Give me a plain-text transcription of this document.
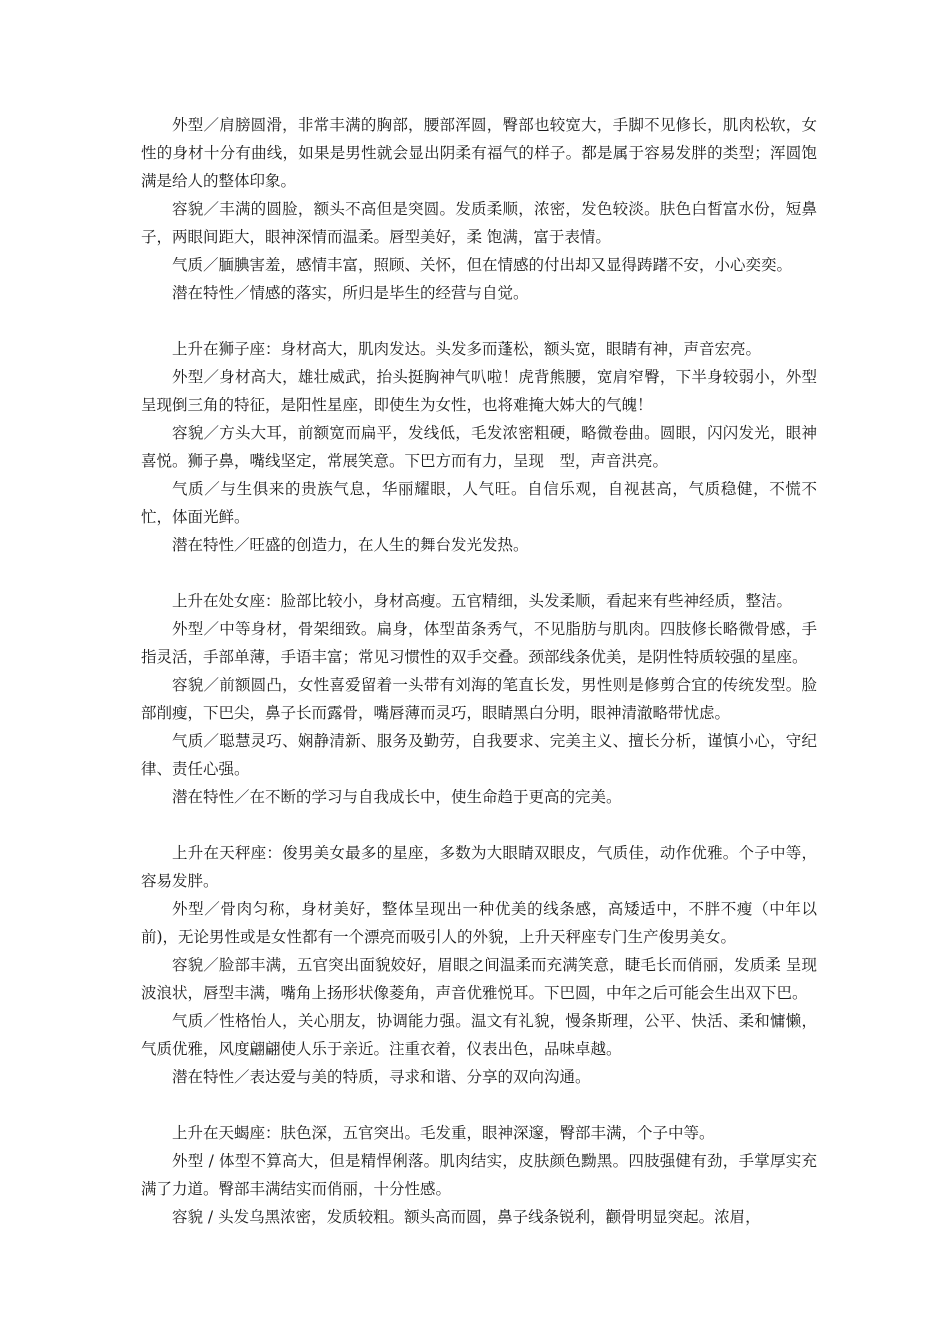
外型／肩膀圆滑，非常丰满的胸部，腰部浑圆，臀部也较宽大，手脚不见修长，肌肉松软，女性的身材十分有曲线，如果是男性就会显出阴柔有福气的样子。都是属于容易发胖的类型；浑圆饱满是给人的整体印象。

容貌／丰满的圆脸，额头不高但是突圆。发质柔顺，浓密，发色较淡。肤色白皙富水份，短鼻子，两眼间距大，眼神深情而温柔。唇型美好，柔 饱满，富于表情。

气质／腼腆害羞，感情丰富，照顾、关怀，但在情感的付出却又显得踌躇不安，小心奕奕。

潜在特性／情感的落实，所归是毕生的经营与自觉。

上升在狮子座：身材高大，肌肉发达。头发多而蓬松，额头宽，眼睛有神，声音宏亮。

外型／身材高大，雄壮威武，抬头挺胸神气叭啦！虎背熊腰，宽肩窄臀，下半身较弱小，外型呈现倒三角的特征，是阳性星座，即使生为女性，也将难掩大姊大的气魄！

容貌／方头大耳，前额宽而扁平，发线低，毛发浓密粗硬，略微卷曲。圆眼，闪闪发光，眼神喜悦。狮子鼻，嘴线坚定，常展笑意。下巴方而有力，呈现　型，声音洪亮。

气质／与生俱来的贵族气息，华丽耀眼，人气旺。自信乐观，自视甚高，气质稳健，不慌不忙，体面光鲜。

潜在特性／旺盛的创造力，在人生的舞台发光发热。

上升在处女座：脸部比较小，身材高瘦。五官精细，头发柔顺，看起来有些神经质，整洁。

外型／中等身材，骨架细致。扁身，体型苗条秀气，不见脂肪与肌肉。四肢修长略微骨感，手指灵活，手部单薄，手语丰富；常见习惯性的双手交叠。颈部线条优美，是阴性特质较强的星座。

容貌／前额圆凸，女性喜爱留着一头带有刘海的笔直长发，男性则是修剪合宜的传统发型。脸部削瘦，下巴尖，鼻子长而露骨，嘴唇薄而灵巧，眼睛黑白分明，眼神清澈略带忧虑。

气质／聪慧灵巧、娴静清新、服务及勤劳，自我要求、完美主义、擅长分析，谨慎小心，守纪律、责任心强。

潜在特性／在不断的学习与自我成长中，使生命趋于更高的完美。

上升在天秤座：俊男美女最多的星座，多数为大眼睛双眼皮，气质佳，动作优雅。个子中等，容易发胖。

外型／骨肉匀称，身材美好，整体呈现出一种优美的线条感，高矮适中，不胖不瘦（中年以前)，无论男性或是女性都有一个漂亮而吸引人的外貌，上升天秤座专门生产俊男美女。

容貌／脸部丰满，五官突出面貌姣好，眉眼之间温柔而充满笑意，睫毛长而俏丽，发质柔 呈现波浪状，唇型丰满，嘴角上扬形状像菱角，声音优雅悦耳。下巴圆，中年之后可能会生出双下巴。

气质／性格怡人，关心朋友，协调能力强。温文有礼貌，慢条斯理，公平、快活、柔和慵懒，气质优雅，风度翩翩使人乐于亲近。注重衣着，仪表出色，品味卓越。

潜在特性／表达爱与美的特质，寻求和谐、分享的双向沟通。

上升在天蝎座：肤色深，五官突出。毛发重，眼神深邃，臀部丰满，个子中等。

外型 / 体型不算高大，但是精悍俐落。肌肉结实，皮肤颜色黝黑。四肢强健有劲，手掌厚实充满了力道。臀部丰满结实而俏丽，十分性感。

容貌 / 头发乌黑浓密，发质较粗。额头高而圆，鼻子线条锐利，颧骨明显突起。浓眉，
